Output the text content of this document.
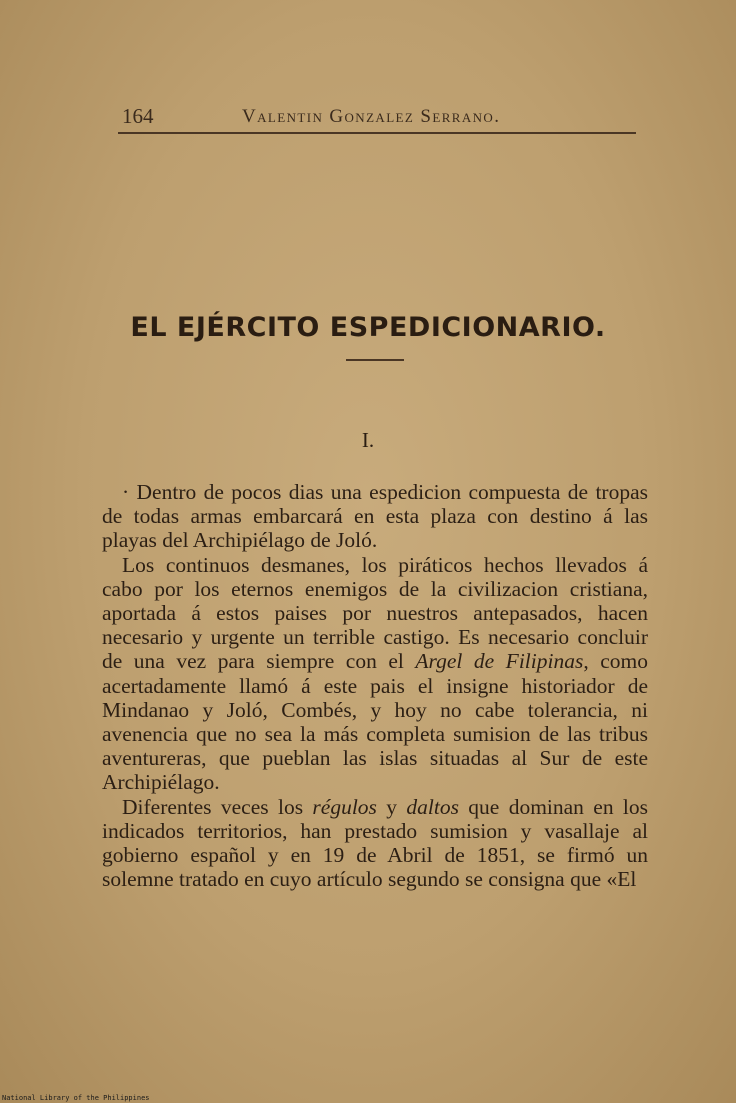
164	Valentin Gonzalez Serrano.
EL EJÉRCITO ESPEDICIONARIO.
I.

· Dentro de pocos dias una espedicion compuesta de tropas de todas armas embarcará en esta plaza con destino á las playas del Archipiélago de Joló.

Los continuos desmanes, los piráticos hechos llevados á cabo por los eternos enemigos de la civilizacion cristiana, aportada á estos paises por nuestros antepasados, hacen necesario y urgente un terrible castigo. Es necesario concluir de una vez para siempre con el Argel de Filipinas, como acertadamente llamó á este pais el insigne historiador de Mindanao y Joló, Combés, y hoy no cabe tolerancia, ni avenencia que no sea la más completa sumision de las tribus aventureras, que pueblan las islas situadas al Sur de este Archipiélago.

Diferentes veces los régulos y daltos que dominan en los indicados territorios, han prestado sumision y vasallaje al gobierno español y en 19 de Abril de 1851, se firmó un solemne tratado en cuyo artículo segundo se consigna que «El

National Library of the Philippines
